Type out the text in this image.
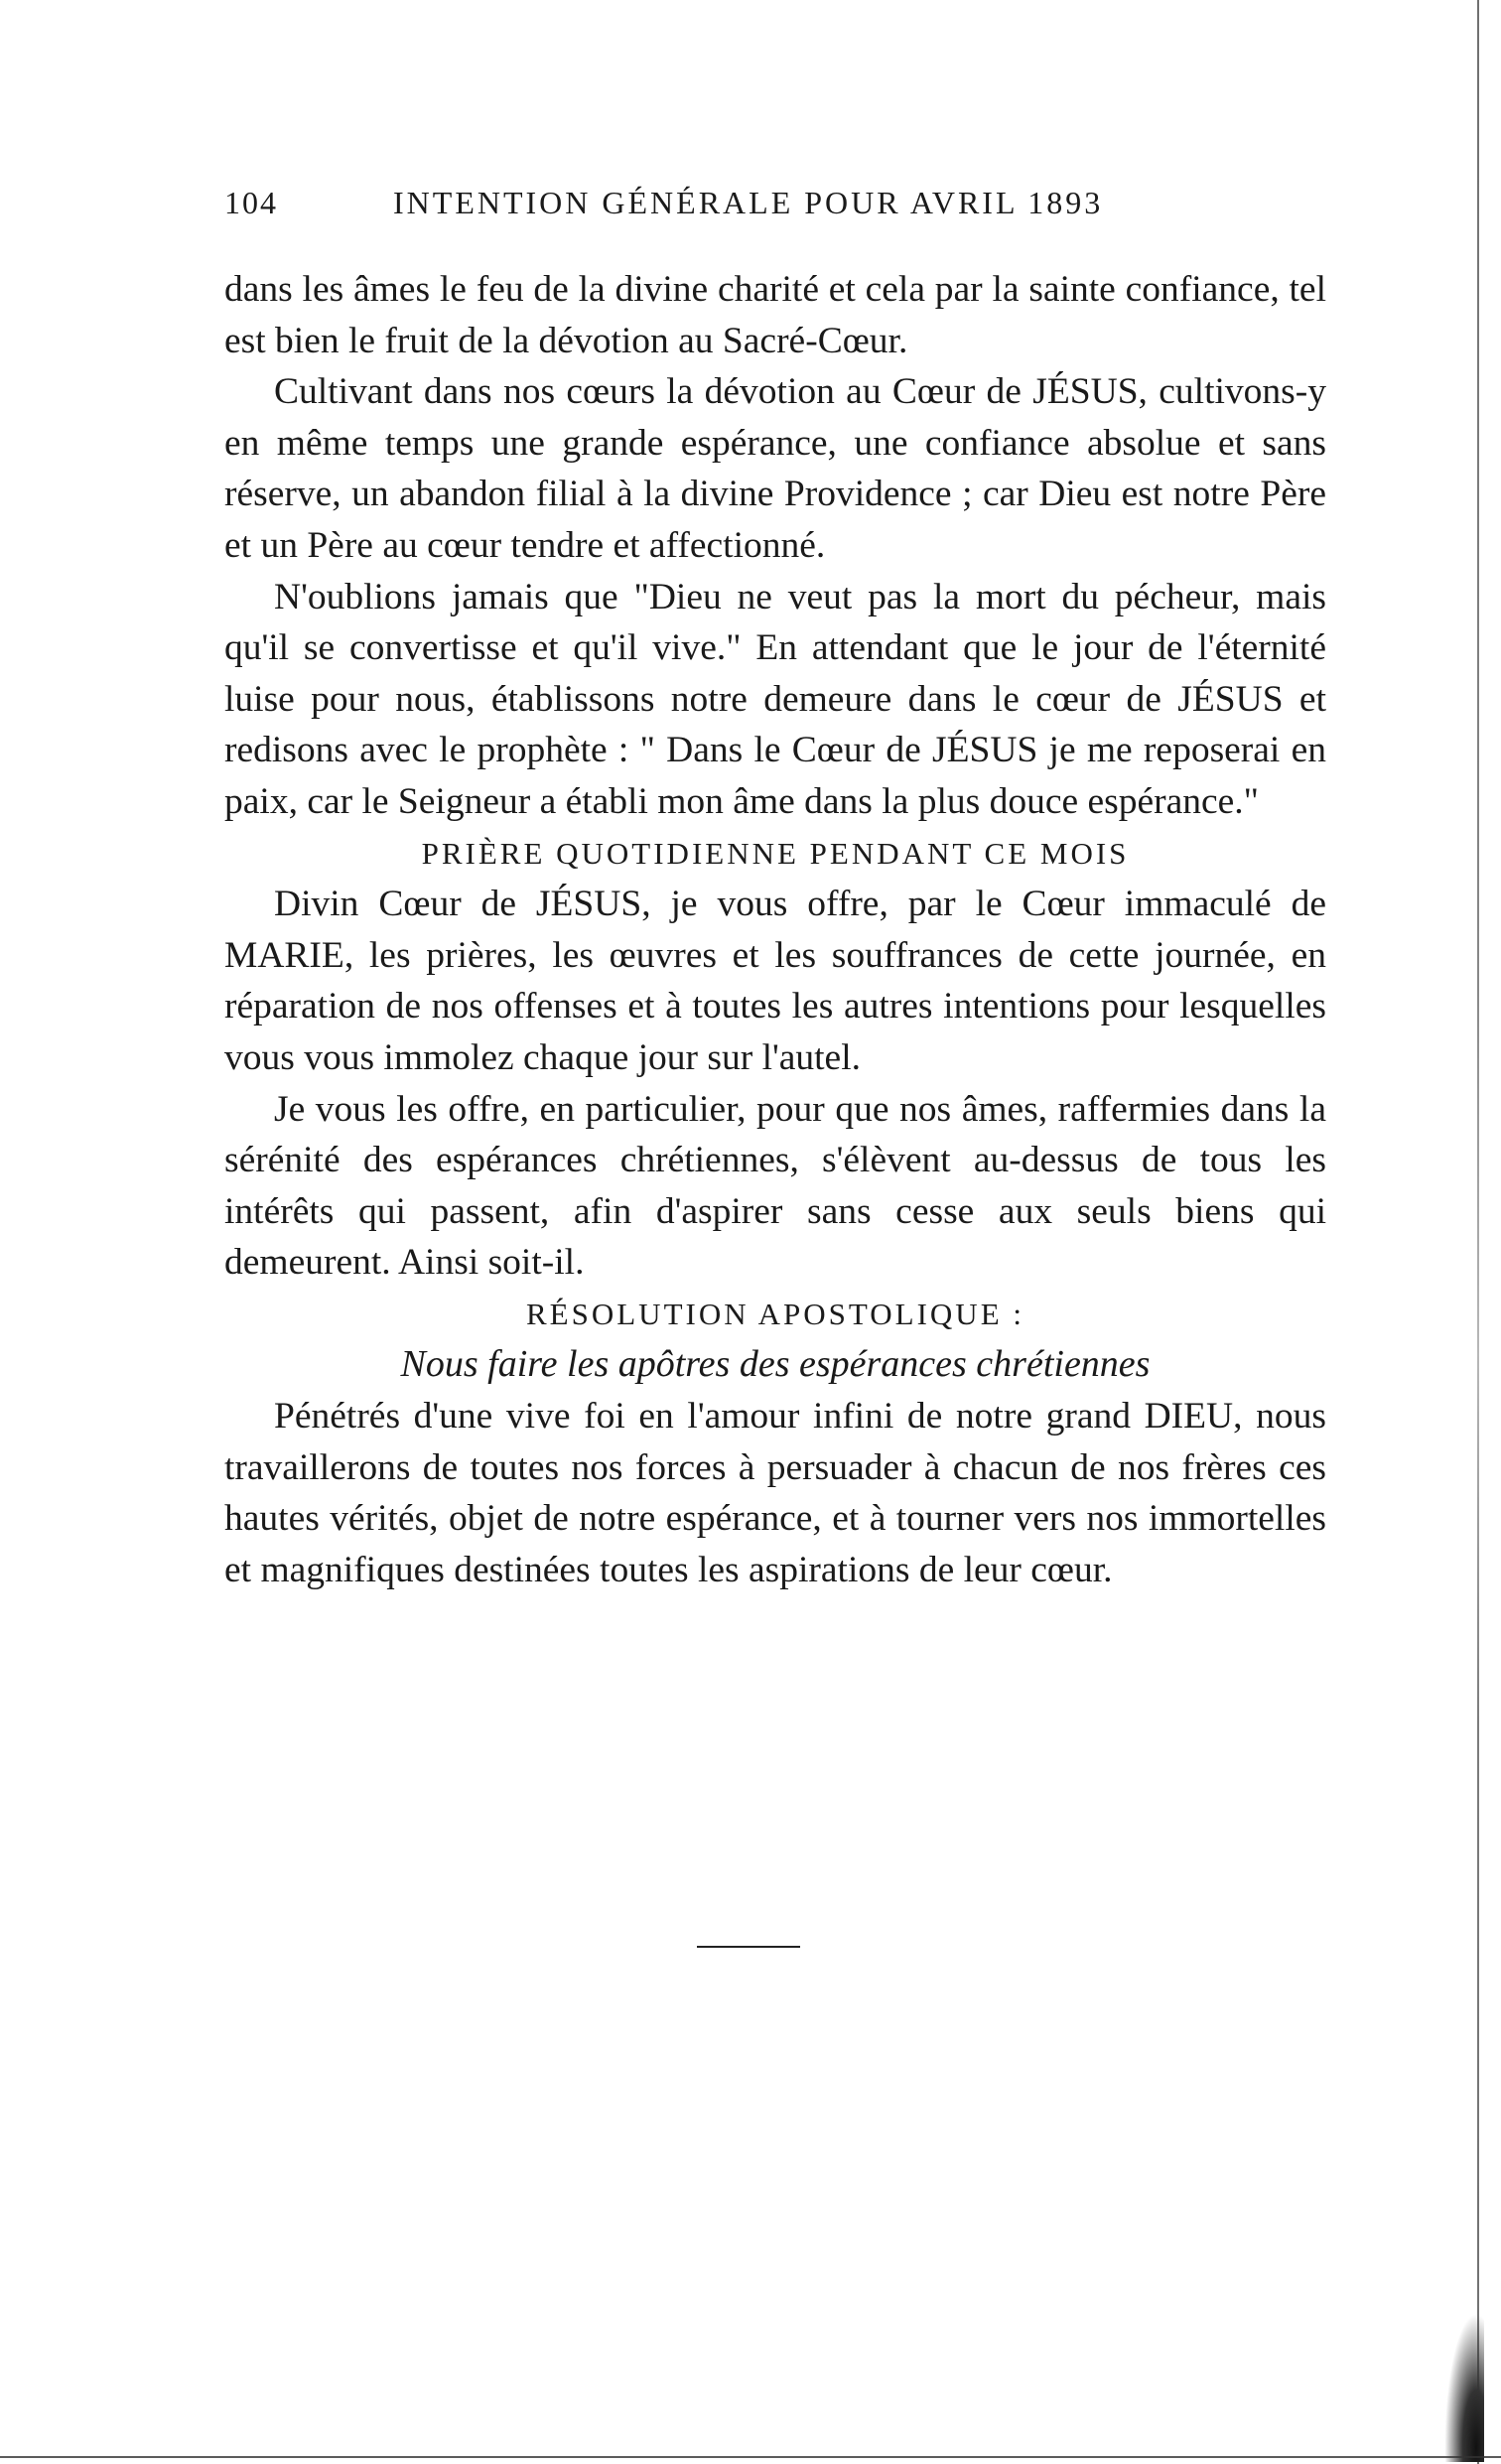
104	INTENTION GÉNÉRALE POUR AVRIL 1893

dans les âmes le feu de la divine charité et cela par la sainte confiance, tel est bien le fruit de la dévotion au Sacré-Cœur.

Cultivant dans nos cœurs la dévotion au Cœur de JÉSUS, cultivons-y en même temps une grande espérance, une confiance absolue et sans réserve, un abandon filial à la divine Providence ; car Dieu est notre Père et un Père au cœur tendre et affectionné.

N'oublions jamais que "Dieu ne veut pas la mort du pécheur, mais qu'il se convertisse et qu'il vive." En attendant que le jour de l'éternité luise pour nous, établissons notre demeure dans le cœur de JÉSUS et redisons avec le prophète : " Dans le Cœur de JÉSUS je me reposerai en paix, car le Seigneur a établi mon âme dans la plus douce espérance."

PRIÈRE QUOTIDIENNE PENDANT CE MOIS

Divin Cœur de JÉSUS, je vous offre, par le Cœur immaculé de MARIE, les prières, les œuvres et les souffrances de cette journée, en réparation de nos offenses et à toutes les autres intentions pour lesquelles vous vous immolez chaque jour sur l'autel.

Je vous les offre, en particulier, pour que nos âmes, raffermies dans la sérénité des espérances chrétiennes, s'élèvent au-dessus de tous les intérêts qui passent, afin d'aspirer sans cesse aux seuls biens qui demeurent. Ainsi soit-il.

RÉSOLUTION APOSTOLIQUE :
Nous faire les apôtres des espérances chrétiennes

Pénétrés d'une vive foi en l'amour infini de notre grand DIEU, nous travaillerons de toutes nos forces à persuader à chacun de nos frères ces hautes vérités, objet de notre espérance, et à tourner vers nos immortelles et magnifiques destinées toutes les aspirations de leur cœur.
